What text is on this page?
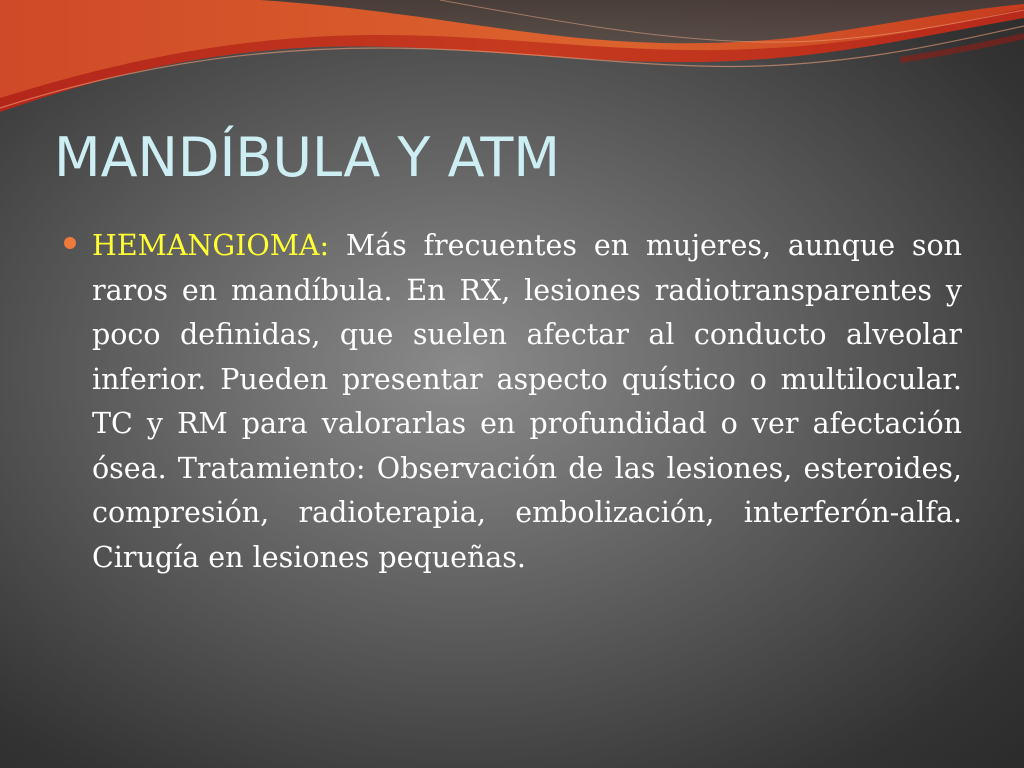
MANDÍBULA Y ATM

HEMANGIOMA: Más frecuentes en mujeres, aunque son raros en mandíbula. En RX, lesiones radiotransparentes y poco definidas, que suelen afectar al conducto alveolar inferior. Pueden presentar aspecto quístico o multilocular. TC y RM para valorarlas en profundidad o ver afectación ósea. Tratamiento: Observación de las lesiones, esteroides, compresión, radioterapia, embolización, interferón-alfa. Cirugía en lesiones pequeñas.
